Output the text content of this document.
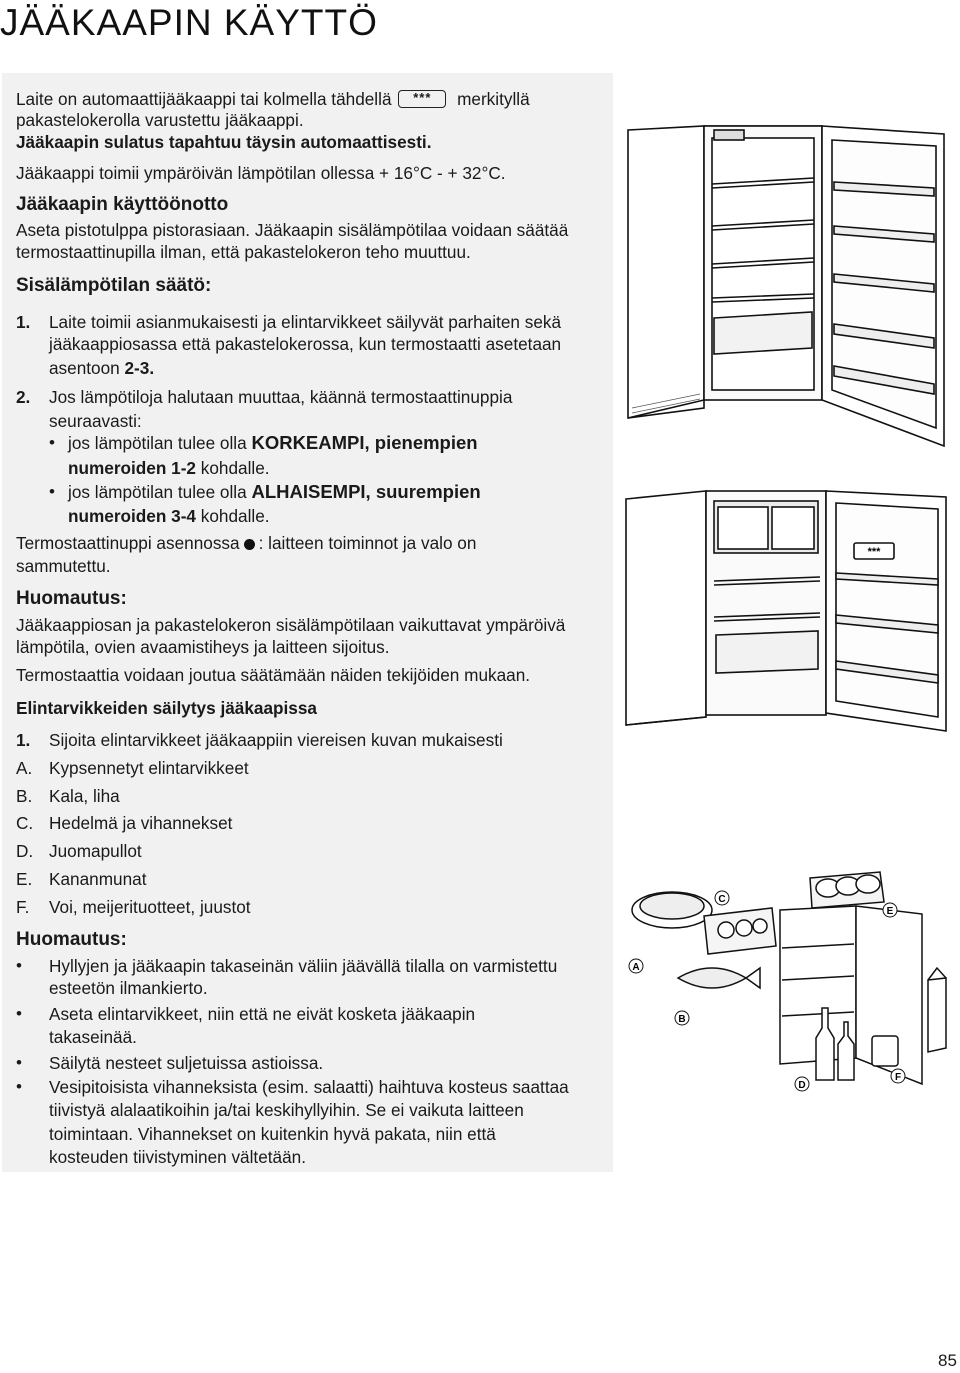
JÄÄKAAPIN KÄYTTÖ
Laite on automaattijääkaappi tai kolmella tähdellä *** merkityllä
pakastelokerolla varustettu jääkaappi.
Jääkaapin sulatus tapahtuu täysin automaattisesti.
Jääkaappi toimii ympäröivän lämpötilan ollessa + 16°C - + 32°C.
Jääkaapin käyttöönotto
Aseta pistotulppa pistorasiaan. Jääkaapin sisälämpötilaa voidaan säätää
termostaattinupilla ilman, että pakastelokeron teho muuttuu.
Sisälämpötilan säätö:
1. Laite toimii asianmukaisesti ja elintarvikkeet säilyvät parhaiten sekä
jääkaappiosassa että pakastelokerossa, kun termostaatti asetetaan
asentoon 2-3.
2. Jos lämpötiloja halutaan muuttaa, käännä termostaattinuppia
seuraavasti:
• jos lämpötilan tulee olla KORKEAMPI, pienempien
numeroiden 1-2 kohdalle.
• jos lämpötilan tulee olla ALHAISEMPI, suurempien
numeroiden 3-4 kohdalle.
Termostaattinuppi asennossa : laitteen toiminnot ja valo on
sammutettu.
Huomautus:
Jääkaappiosan ja pakastelokeron sisälämpötilaan vaikuttavat ympäröivä
lämpötila, ovien avaamistiheys ja laitteen sijoitus.
Termostaattia voidaan joutua säätämään näiden tekijöiden mukaan.
Elintarvikkeiden säilytys jääkaapissa
1. Sijoita elintarvikkeet jääkaappiin viereisen kuvan mukaisesti
A. Kypsennetyt elintarvikkeet
B. Kala, liha
C. Hedelmä ja vihannekset
D. Juomapullot
E. Kananmunat
F. Voi, meijerituotteet, juustot
Huomautus:
• Hyllyjen ja jääkaapin takaseinän väliin jäävällä tilalla on varmistettu
esteetön ilmankierto.
• Aseta elintarvikkeet, niin että ne eivät kosketa jääkaapin
takaseinää.
• Säilytä nesteet suljetuissa astioissa.
• Vesipitoisista vihanneksista (esim. salaatti) haihtuva kosteus saattaa
tiivistyä alalaatikoihin ja/tai keskihyllyihin. Se ei vaikuta laitteen
toimintaan. Vihannekset on kuitenkin hyvä pakata, niin että
kosteuden tiivistyminen vältetään.
***
A
B
C
D
E
F
85
